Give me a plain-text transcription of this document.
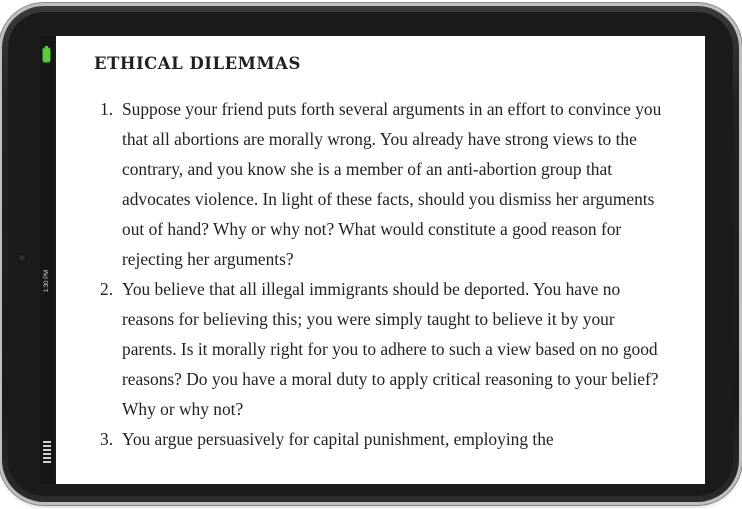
1:30 PM
ETHICAL DILEMMAS
1. Suppose your friend puts forth several arguments in an effort to convince you that all abortions are morally wrong. You already have strong views to the contrary, and you know she is a member of an anti-abortion group that advocates violence. In light of these facts, should you dismiss her arguments out of hand? Why or why not? What would constitute a good reason for rejecting her arguments?
2. You believe that all illegal immigrants should be deported. You have no reasons for believing this; you were simply taught to believe it by your parents. Is it morally right for you to adhere to such a view based on no good reasons? Do you have a moral duty to apply critical reasoning to your belief? Why or why not?
3. You argue persuasively for capital punishment, employing the
